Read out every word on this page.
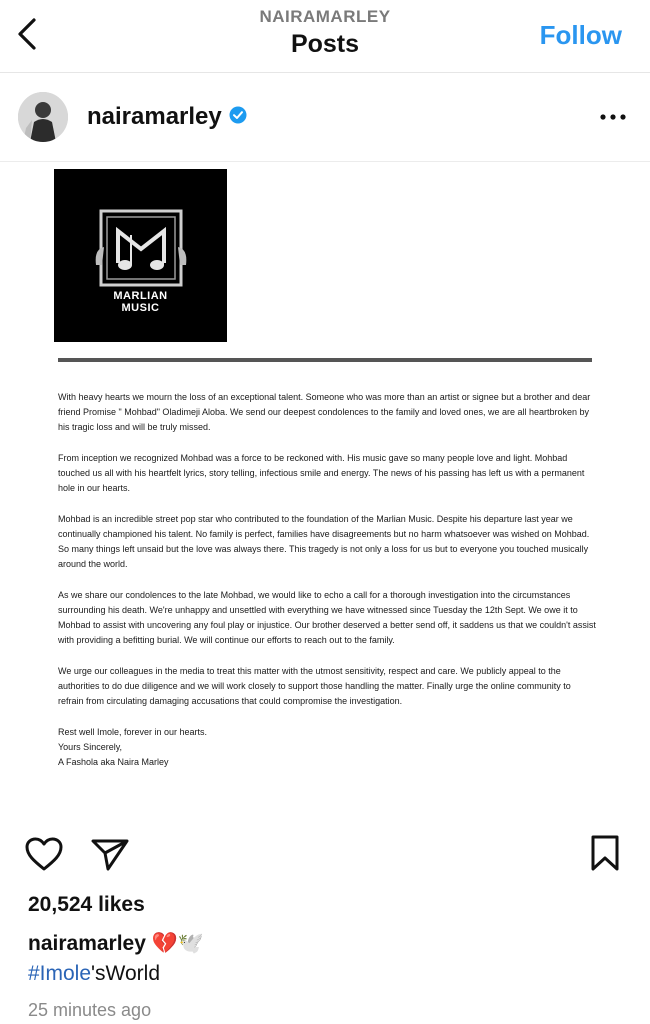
NAIRAMARLEY
Posts	Follow
nairamarley
MARLIAN
MUSIC

With heavy hearts we mourn the loss of an exceptional talent. Someone who was more than an artist or signee but a brother and dear friend Promise " Mohbad" Oladimeji Aloba. We send our deepest condolences to the family and loved ones, we are all heartbroken by his tragic loss and will be truly missed.

From inception we recognized Mohbad was a force to be reckoned with. His music gave so many people love and light. Mohbad touched us all with his heartfelt lyrics, story telling, infectious smile and energy. The news of his passing has left us with a permanent hole in our hearts.

Mohbad is an incredible street pop star who contributed to the foundation of the Marlian Music. Despite his departure last year we continually championed his talent. No family is perfect, families have disagreements but no harm whatsoever was wished on Mohbad. So many things left unsaid but the love was always there. This tragedy is not only a loss for us but to everyone you touched musically around the world.

As we share our condolences to the late Mohbad, we would like to echo a call for a thorough investigation into the circumstances surrounding his death. We're unhappy and unsettled with everything we have witnessed since Tuesday the 12th Sept. We owe it to Mohbad to assist with uncovering any foul play or injustice. Our brother deserved a better send off, it saddens us that we couldn't assist with providing a befitting burial. We will continue our efforts to reach out to the family.

We urge our colleagues in the media to treat this matter with the utmost sensitivity, respect and care. We publicly appeal to the authorities to do due diligence and we will work closely to support those handling the matter. Finally urge the online community to refrain from circulating damaging accusations that could compromise the investigation.

Rest well Imole, forever in our hearts.

Yours Sincerely,

A Fashola aka Naira Marley

20,524 likes
nairamarley 💔🕊️
#Imole'sWorld
25 minutes ago
